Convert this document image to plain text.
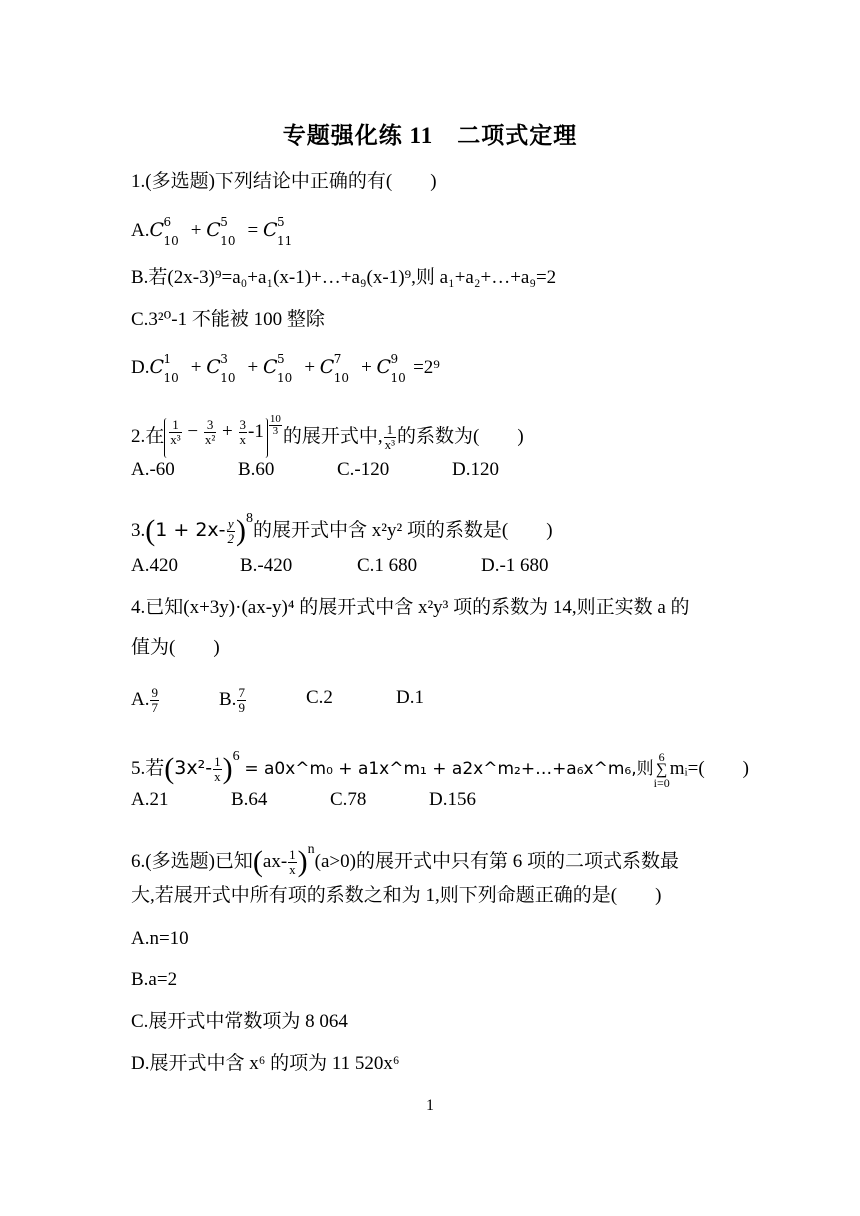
专题强化练 11　二项式定理
1.(多选题)下列结论中正确的有(　　)
A.C 6
10 + C 5
10 = C 5
11
B.若(2x-3)⁹=a₀+a₁(x-1)+…+a₉(x-1)⁹,则 a₁+a₂+…+a₉=2
C.3²⁰-1 不能被 100 整除
D.C 1
10 + C 3
10 + C 5
10 + C 7
10 + C 9
10 =2⁹
2.在 $\frac{1}{\text{x³}} - \frac{3}{\text{x²}} + \frac{3}{x} -1 \frac{10}{3}$ 的展开式中, $\frac{1}{\text{x³}}$ 的系数为(　　)
A.-60	B.60	C.-120	D.120
$3.(1 + 2x- \frac{y}{2} )^8$的展开式中含 x²y² 项的系数是(　　)
A.420	B.-420	C.1 680	D.-1 680
4.已知(x+3y)·(ax-y)⁴ 的展开式中含 x²y³ 项的系数为 14,则正实数 a 的
值为(　　)
A. $\frac{9}{7}$	B. $\frac{7}{9}$	C.2	D.1
5.若$(3x^2- \frac{1}{x} )^6$ = a0x^m₀ + a1x^m₁ + a2x^m₂+…+a₆x^m₆,则
6
∑
i=0
mᵢ=(　　)
A.21	B.64	C.78	D.156
6.(多选题)已知$(ax- \frac{1}{x} )^n(a>0)$的展开式中只有第 6 项的二项式系数最
大,若展开式中所有项的系数之和为 1,则下列命题正确的是(　　)
A.n=10
B.a=2
C.展开式中常数项为 8 064
D.展开式中含 x⁶ 的项为 11 520x⁶
1
